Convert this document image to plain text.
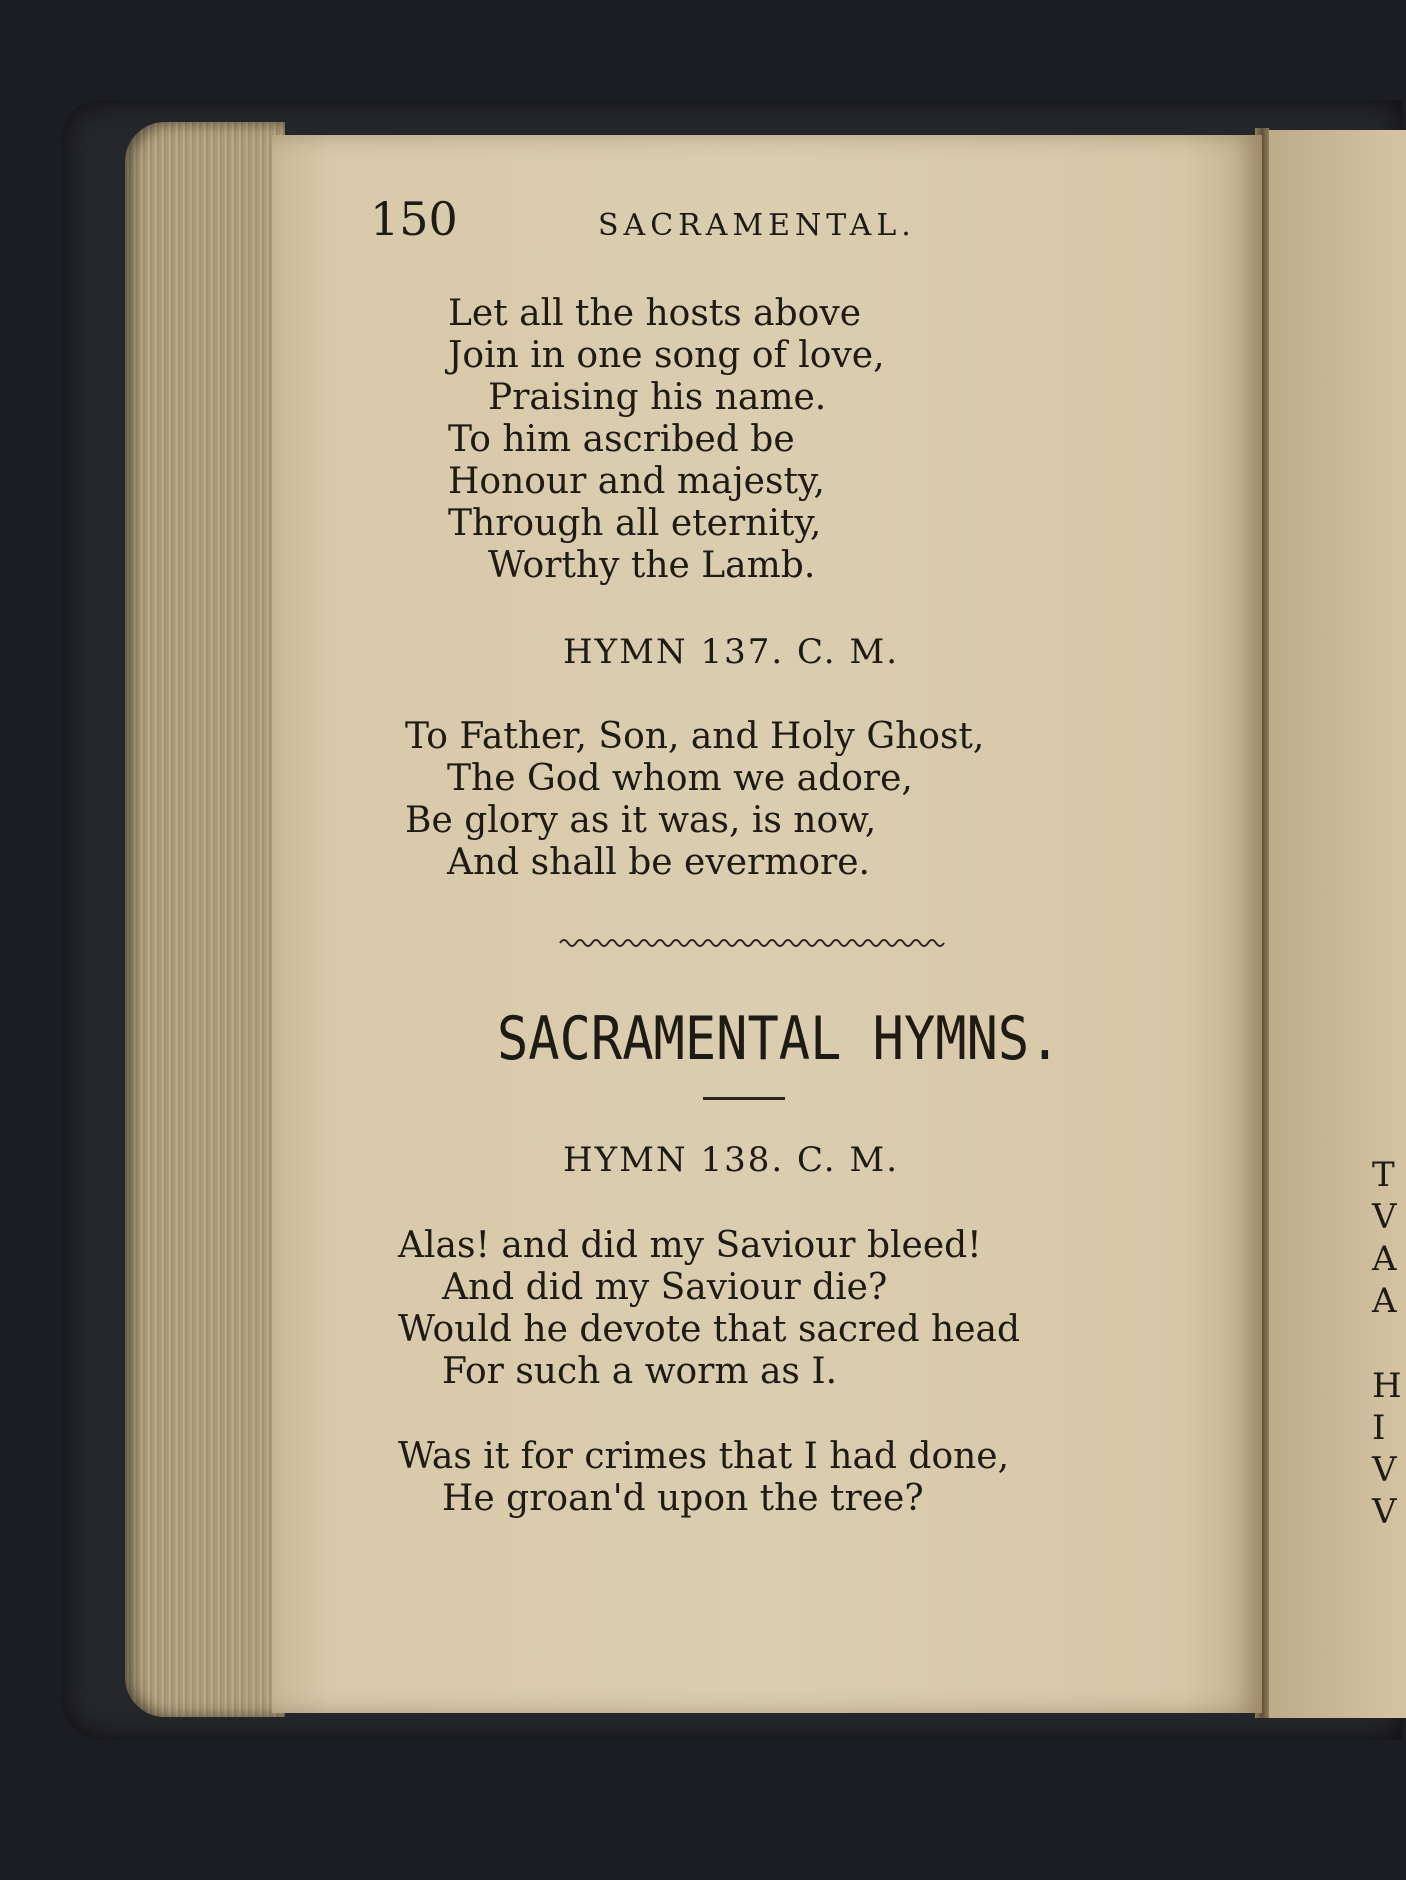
150	SACRAMENTAL.
Let all the hosts above
Join in one song of love,
Praising his name.
To him ascribed be
Honour and majesty,
Through all eternity,
Worthy the Lamb.
HYMN 137. C. M.
To Father, Son, and Holy Ghost,
The God whom we adore,
Be glory as it was, is now,
And shall be evermore.
SACRAMENTAL HYMNS.
HYMN 138. C. M.
Alas! and did my Saviour bleed!
And did my Saviour die?
Would he devote that sacred head
For such a worm as I.
Was it for crimes that I had done,
He groan'd upon the tree?
T
V
A
A
H
I
V
V
